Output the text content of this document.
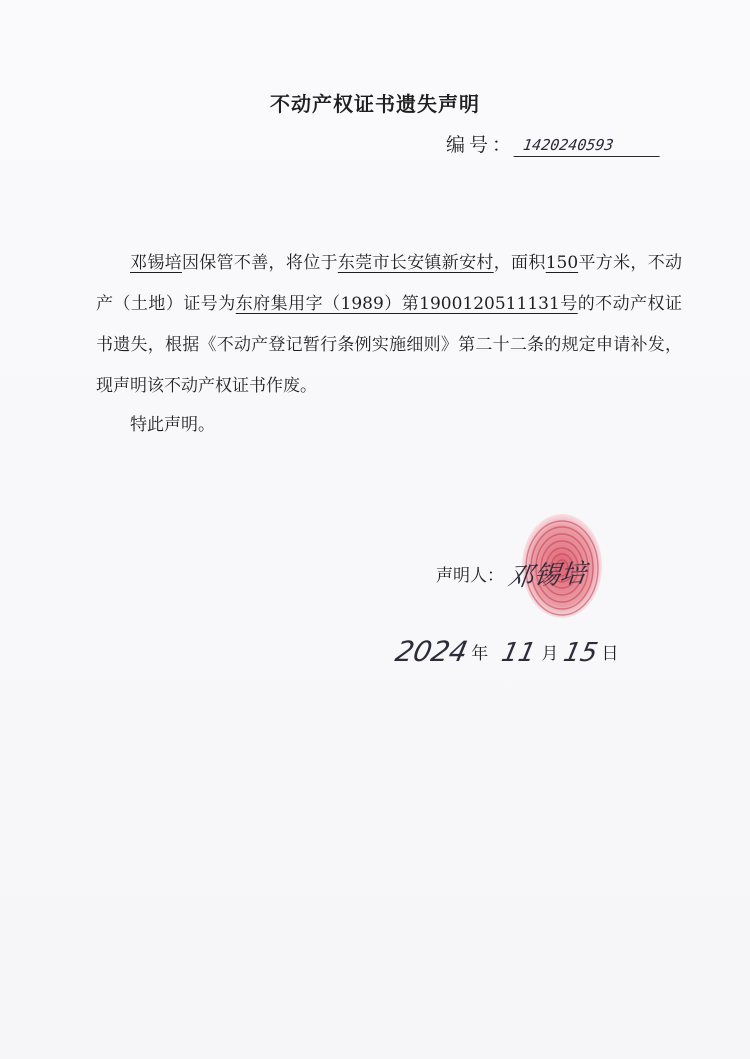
不动产权证书遗失声明
编号： 1420240593

邓锡培因保管不善，将位于东莞市长安镇新安村，面积150平方米，不动产（土地）证号为东府集用字（1989）第1900120511131号的不动产权证书遗失，根据《不动产登记暂行条例实施细则》第二十二条的规定申请补发，现声明该不动产权证书作废。

特此声明。
声明人： 邓锡培
2024 年 11 月 15 日
